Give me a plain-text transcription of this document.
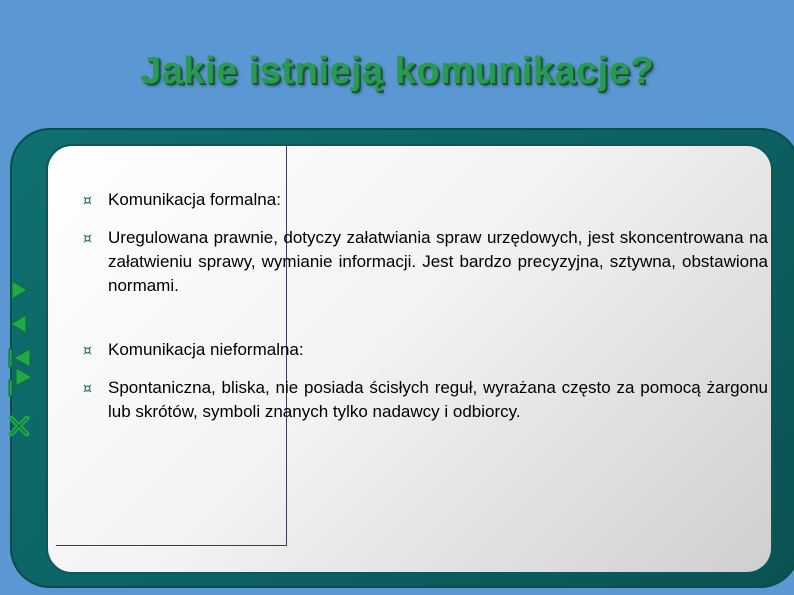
Jakie istnieją komunikacje?
¤ Komunikacja formalna:
¤ Uregulowana prawnie, dotyczy załatwiania spraw urzędowych, jest skoncentrowana na załatwieniu sprawy, wymianie informacji. Jest bardzo precyzyjna, sztywna, obstawiona normami.
¤ Komunikacja nieformalna:
¤ Spontaniczna, bliska, nie posiada ścisłych reguł, wyrażana często za pomocą żargonu lub skrótów, symboli znanych tylko nadawcy i odbiorcy.
